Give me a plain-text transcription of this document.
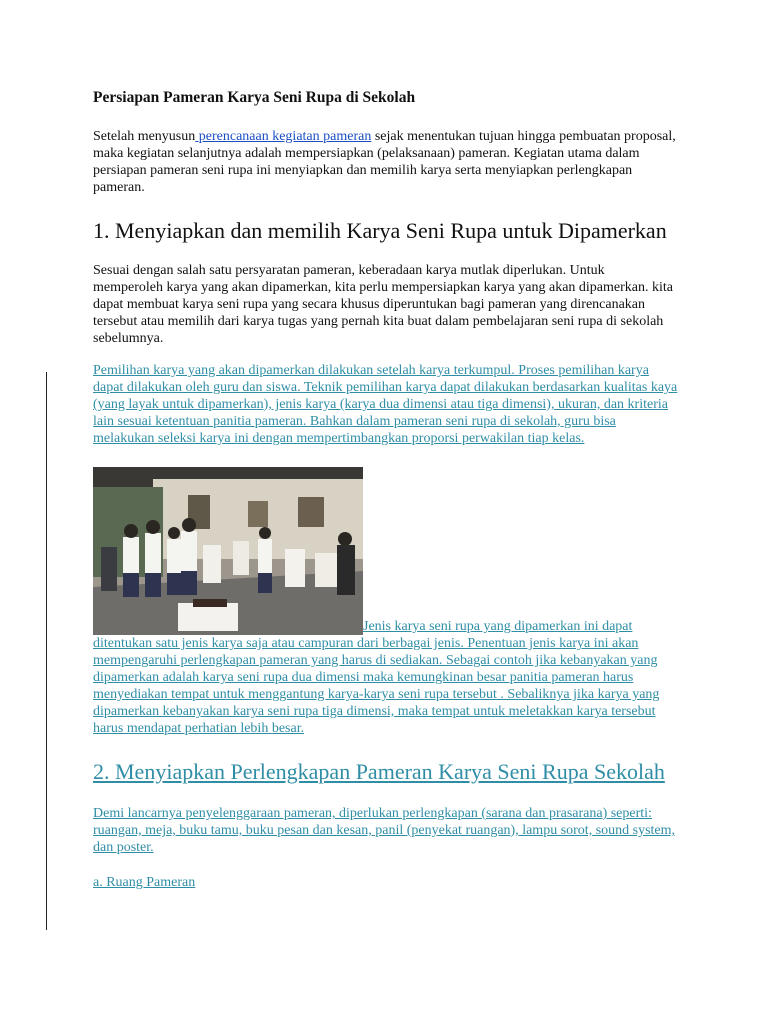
Persiapan Pameran Karya Seni Rupa di Sekolah

Setelah menyusun perencanaan kegiatan pameran sejak menentukan tujuan hingga pembuatan proposal, maka kegiatan selanjutnya adalah mempersiapkan (pelaksanaan) pameran. Kegiatan utama dalam persiapan pameran seni rupa ini menyiapkan dan memilih karya serta menyiapkan perlengkapan pameran.

1. Menyiapkan dan memilih Karya Seni Rupa untuk Dipamerkan

Sesuai dengan salah satu persyaratan pameran, keberadaan karya mutlak diperlukan. Untuk memperoleh karya yang akan dipamerkan, kita perlu mempersiapkan karya yang akan dipamerkan. kita dapat membuat karya seni rupa yang secara khusus diperuntukan bagi pameran yang direncanakan tersebut atau memilih dari karya tugas yang pernah kita buat dalam pembelajaran seni rupa di sekolah sebelumnya.

Pemilihan karya yang akan dipamerkan dilakukan setelah karya terkumpul. Proses pemilihan karya dapat dilakukan oleh guru dan siswa. Teknik pemilihan karya dapat dilakukan berdasarkan kualitas kaya (yang layak untuk dipamerkan), jenis karya (karya dua dimensi atau tiga dimensi), ukuran, dan kriteria lain sesuai ketentuan panitia pameran. Bahkan dalam pameran seni rupa di sekolah, guru bisa melakukan seleksi karya ini dengan mempertimbangkan proporsi perwakilan tiap kelas.

Jenis karya seni rupa yang dipamerkan ini dapat

ditentukan satu jenis karya saja atau campuran dari berbagai jenis. Penentuan jenis karya ini akan mempengaruhi perlengkapan pameran yang harus di sediakan. Sebagai contoh jika kebanyakan yang dipamerkan adalah karya seni rupa dua dimensi maka kemungkinan besar panitia pameran harus menyediakan tempat untuk menggantung karya-karya seni rupa tersebut . Sebaliknya jika karya yang dipamerkan kebanyakan karya seni rupa tiga dimensi, maka tempat untuk meletakkan karya tersebut harus mendapat perhatian lebih besar.

2. Menyiapkan Perlengkapan Pameran Karya Seni Rupa Sekolah

Demi lancarnya penyelenggaraan pameran, diperlukan perlengkapan (sarana dan prasarana) seperti: ruangan, meja, buku tamu, buku pesan dan kesan, panil (penyekat ruangan), lampu sorot, sound system, dan poster.

a. Ruang Pameran
